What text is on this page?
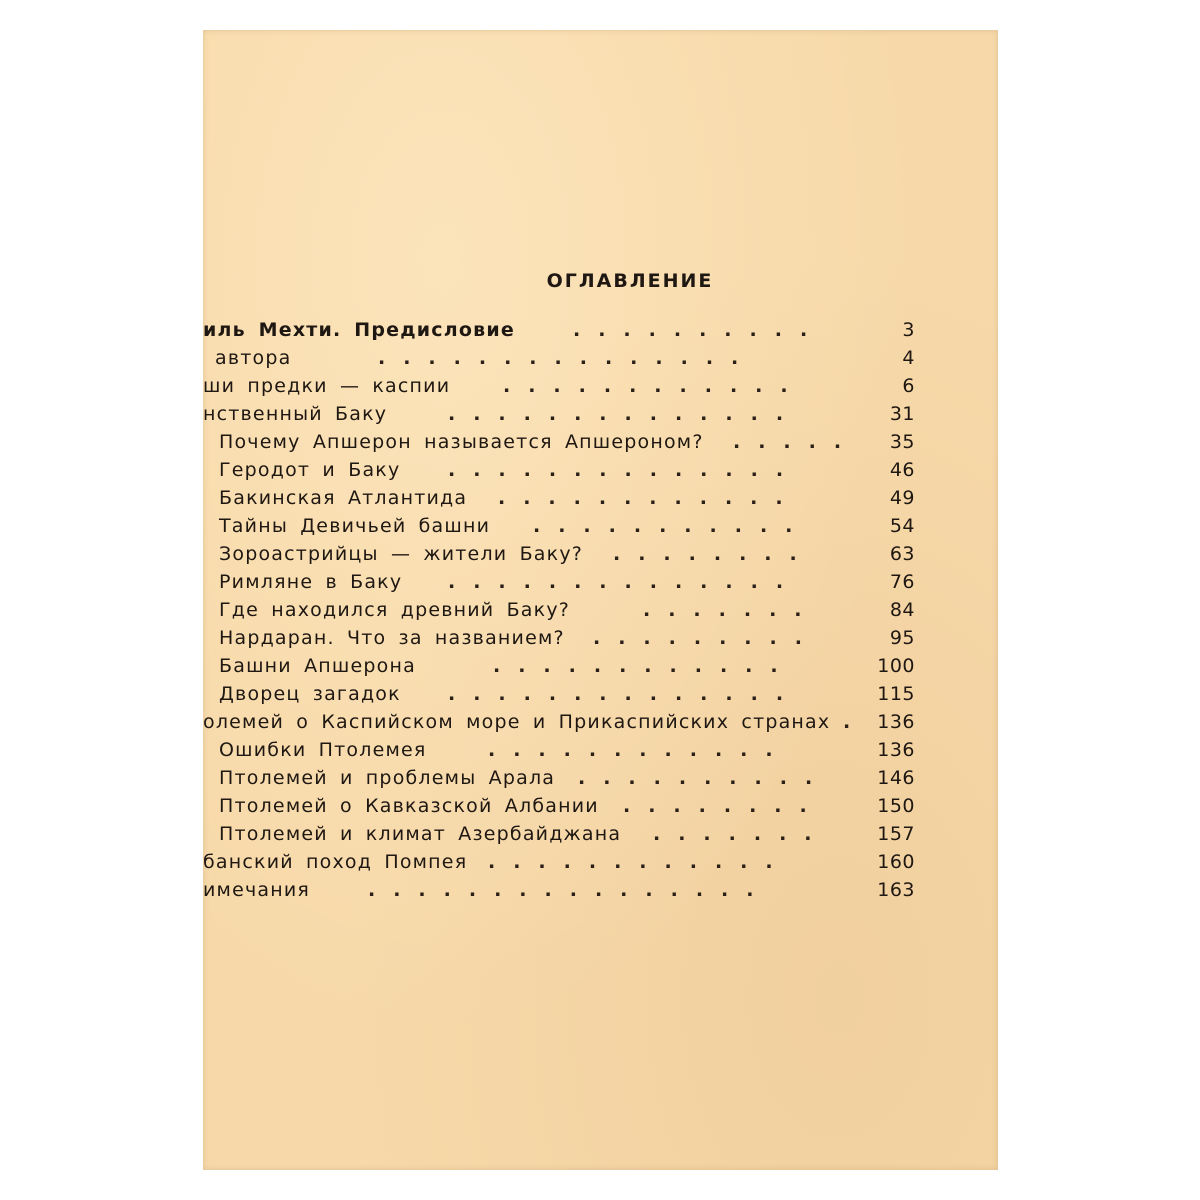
ОГЛАВЛЕНИЕ
иль Мехти. Предисловие	..........	3
автора	...............	4
ши предки — каспии	............	6
нственный Баку	..............	31
Почему Апшерон называется Апшероном? .....	35
Геродот и Баку	..............	46
Бакинская Атлантида ............	49
Тайны Девичьей башни ...........	54
Зороастрийцы — жители Баку? ........	63
Римляне в Баку ..............	76
Где находился древний Баку?	.......	84
Нардаран. Что за названием? .........	95
Башни Апшерона	............	100
Дворец загадок ..............	115
олемей о Каспийском море и Прикаспийских странах . 136
Ошибки Птолемея	............	136
Птолемей и проблемы Арала ..........	146
Птолемей о Кавказской Албании ........	150
Птолемей и климат Азербайджана .......	157
банский поход Помпея ............	160
имечания	................	163
